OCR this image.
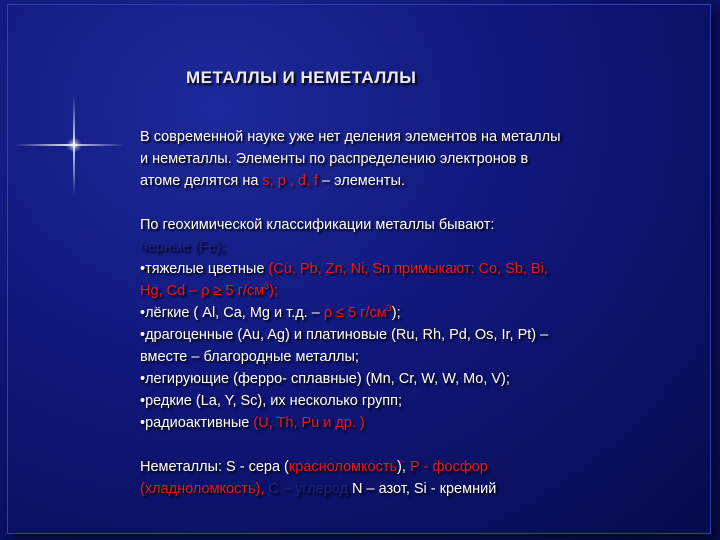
МЕТАЛЛЫ И НЕМЕТАЛЛЫ

В современной науке уже нет деления элементов на металлы

и неметаллы. Элементы по распределению электронов в

атоме делятся на s, p , d, f – элементы.

По геохимической классификации металлы бывают:

черные (Fe);

•тяжелые цветные (Cu, Pb, Zn, Ni, Sn примыкают: Co, Sb, Bi,

Hg, Cd – ρ ≥ 5 $г/см^3$);

•лёгкие ( Al, Ca, Mg и т.д. – ρ ≤ 5 $г/см^3$);

•драгоценные (Au, Ag) и платиновые (Ru, Rh, Pd, Os, Ir, Pt) –

вместе – благородные металлы;

•легирующие (ферро- сплавные) (Mn, Cr, W, W, Mo, V);

•редкие (La, Y, Sc), их несколько групп;

•радиоактивные (U, Th, Pu и др. )

Неметаллы: S - сера (красноломкость), Р - фосфор

(хладноломкость), С – углерод N – азот, Si - кремний
